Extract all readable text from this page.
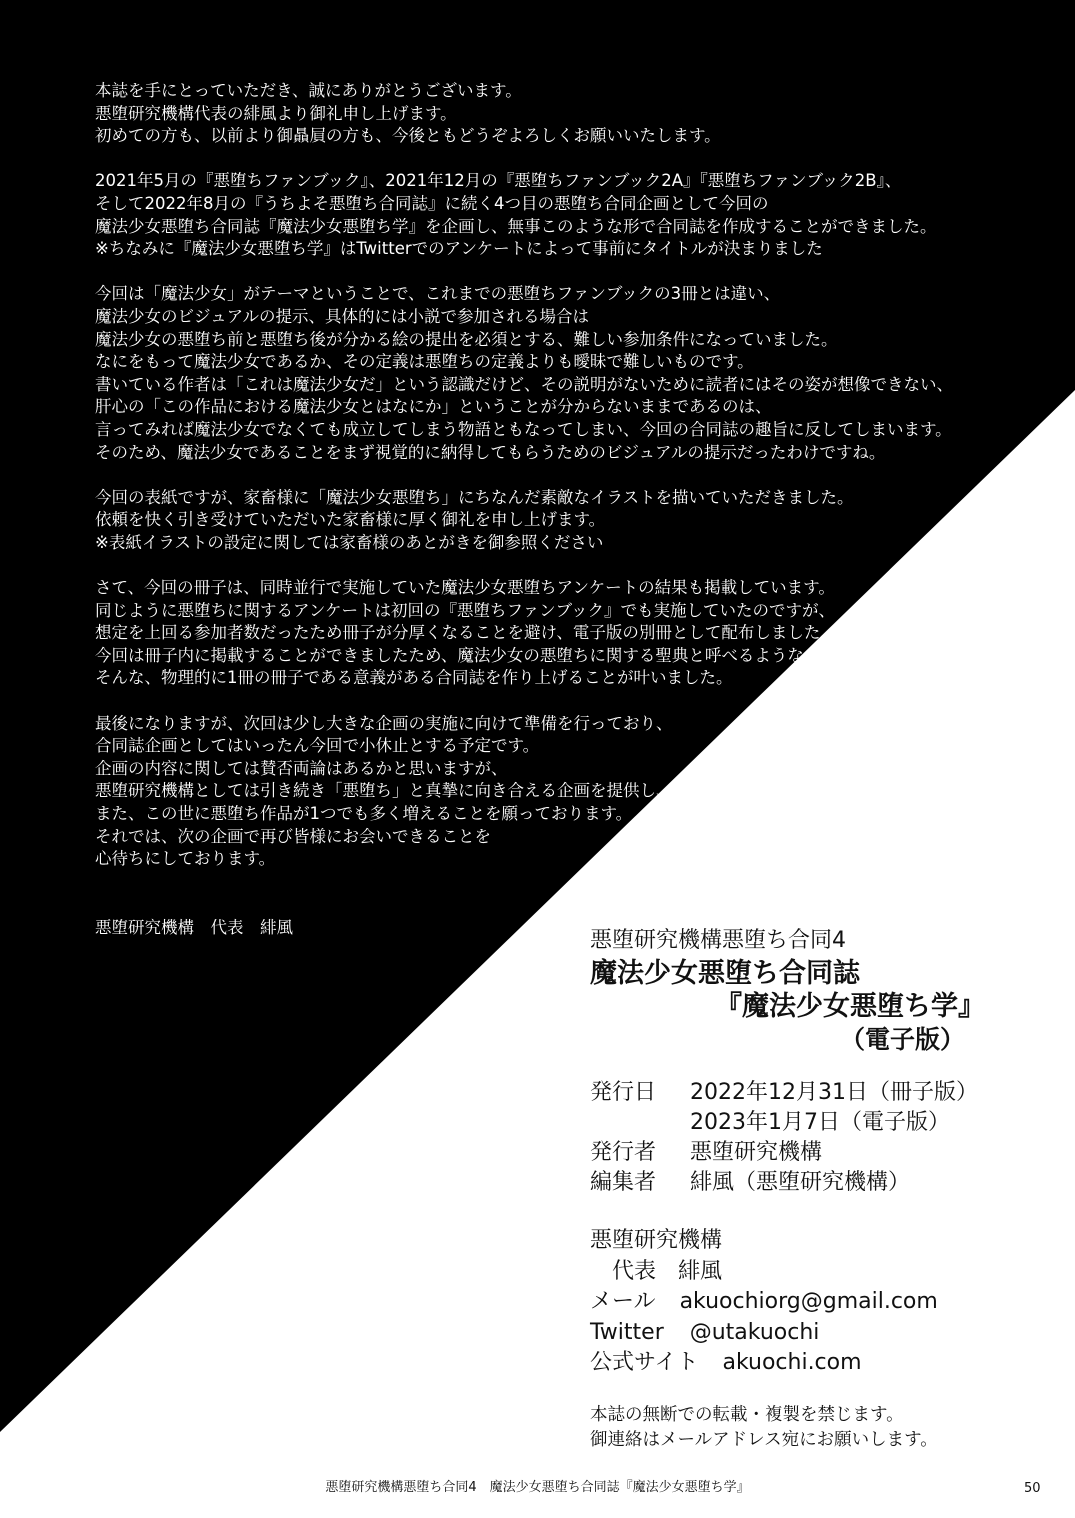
本誌を手にとっていただき、誠にありがとうございます。
悪堕研究機構代表の緋風より御礼申し上げます。
初めての方も、以前より御贔屓の方も、今後ともどうぞよろしくお願いいたします。
2021年5月の『悪堕ちファンブック』、2021年12月の『悪堕ちファンブック2A』『悪堕ちファンブック2B』、
そして2022年8月の『うちよそ悪堕ち合同誌』に続く4つ目の悪堕ち合同企画として今回の
魔法少女悪堕ち合同誌『魔法少女悪堕ち学』を企画し、無事このような形で合同誌を作成することができました。
※ちなみに『魔法少女悪堕ち学』はTwitterでのアンケートによって事前にタイトルが決まりました
今回は「魔法少女」がテーマということで、これまでの悪堕ちファンブックの3冊とは違い、
魔法少女のビジュアルの提示、具体的には小説で参加される場合は
魔法少女の悪堕ち前と悪堕ち後が分かる絵の提出を必須とする、難しい参加条件になっていました。
なにをもって魔法少女であるか、その定義は悪堕ちの定義よりも曖昧で難しいものです。
書いている作者は「これは魔法少女だ」という認識だけど、その説明がないために読者にはその姿が想像できない、
肝心の「この作品における魔法少女とはなにか」ということが分からないままであるのは、
言ってみれば魔法少女でなくても成立してしまう物語ともなってしまい、今回の合同誌の趣旨に反してしまいます。
そのため、魔法少女であることをまず視覚的に納得してもらうためのビジュアルの提示だったわけですね。
今回の表紙ですが、家畜様に「魔法少女悪堕ち」にちなんだ素敵なイラストを描いていただきました。
依頼を快く引き受けていただいた家畜様に厚く御礼を申し上げます。
※表紙イラストの設定に関しては家畜様のあとがきを御参照ください
さて、今回の冊子は、同時並行で実施していた魔法少女悪堕ちアンケートの結果も掲載しています。
同じように悪堕ちに関するアンケートは初回の『悪堕ちファンブック』でも実施していたのですが、
想定を上回る参加者数だったため冊子が分厚くなることを避け、電子版の別冊として配布しました。
今回は冊子内に掲載することができましたため、魔法少女の悪堕ちに関する聖典と呼べるような、
そんな、物理的に1冊の冊子である意義がある合同誌を作り上げることが叶いました。
最後になりますが、次回は少し大きな企画の実施に向けて準備を行っており、
合同誌企画としてはいったん今回で小休止とする予定です。
企画の内容に関しては賛否両論はあるかと思いますが、
悪堕研究機構としては引き続き「悪堕ち」と真摯に向き合える企画を提供し、
また、この世に悪堕ち作品が1つでも多く増えることを願っております。
それでは、次の企画で再び皆様にお会いできることを
心待ちにしております。
悪堕研究機構　代表　緋風
悪堕研究機構悪堕ち合同4
魔法少女悪堕ち合同誌
『魔法少女悪堕ち学』
（電子版）
発行日	2022年12月31日（冊子版）
2023年1月7日（電子版）
発行者	悪堕研究機構
編集者	緋風（悪堕研究機構）
悪堕研究機構
　代表　緋風
メール akuochiorg@gmail.com
Twitter @utakuochi
公式サイト akuochi.com
本誌の無断での転載・複製を禁じます。
御連絡はメールアドレス宛にお願いします。
悪堕研究機構悪堕ち合同4　魔法少女悪堕ち合同誌『魔法少女悪堕ち学』	50
